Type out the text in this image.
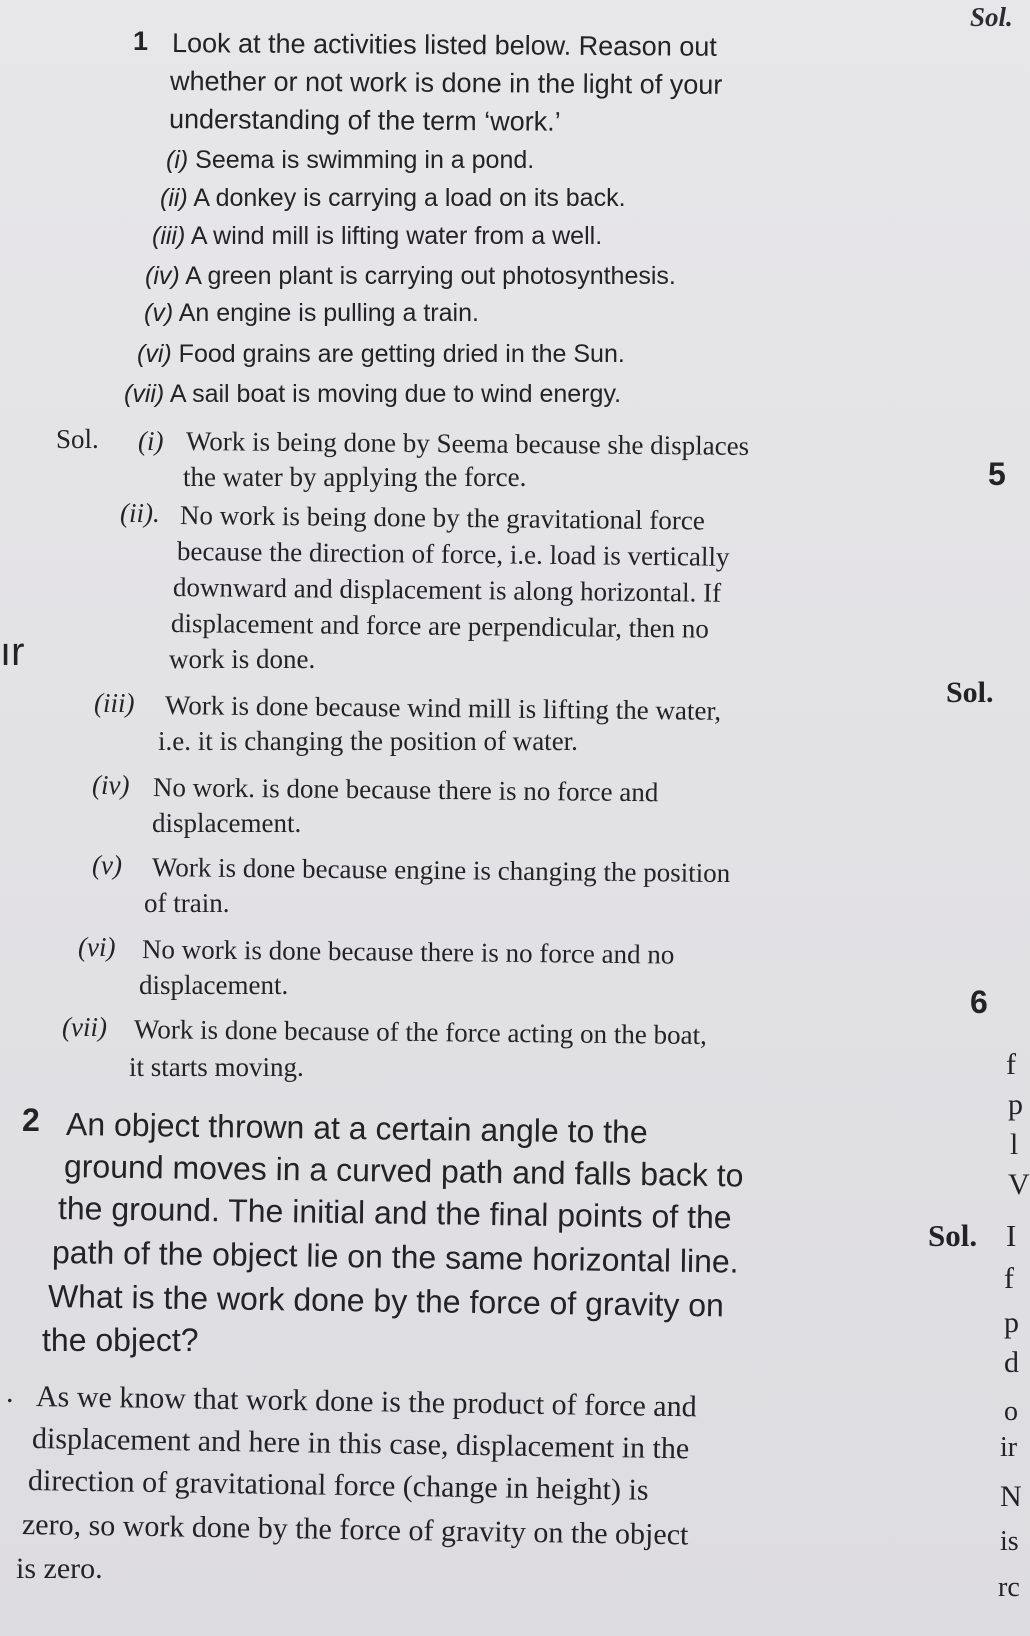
1 Look at the activities listed below. Reason out
whether or not work is done in the light of your
understanding of the term ‘work.’
(i) Seema is swimming in a pond.
(ii) A donkey is carrying a load on its back.
(iii) A wind mill is lifting water from a well.
(iv) A green plant is carrying out photosynthesis.
(v) An engine is pulling a train.
(vi) Food grains are getting dried in the Sun.
(vii) A sail boat is moving due to wind energy.
Sol. (i) Work is being done by Seema because she displaces
the water by applying the force.
(ii). No work is being done by the gravitational force
because the direction of force, i.e. load is vertically
downward and displacement is along horizontal. If
displacement and force are perpendicular, then no
work is done.
(iii) Work is done because wind mill is lifting the water,
i.e. it is changing the position of water.
(iv) No work. is done because there is no force and
displacement.
(v) Work is done because engine is changing the position
of train.
(vi) No work is done because there is no force and no
displacement.
(vii) Work is done because of the force acting on the boat,
it starts moving.
2 An object thrown at a certain angle to the
ground moves in a curved path and falls back to
the ground. The initial and the final points of the
path of the object lie on the same horizontal line.
What is the work done by the force of gravity on
the object?
. As we know that work done is the product of force and
displacement and here in this case, displacement in the
direction of gravitational force (change in height) is
zero, so work done by the force of gravity on the object
is zero.
ır
Sol.
5
Sol.
6
Sol. I
f
p
l
V
f
p
d
o
ir
N
is
rc
